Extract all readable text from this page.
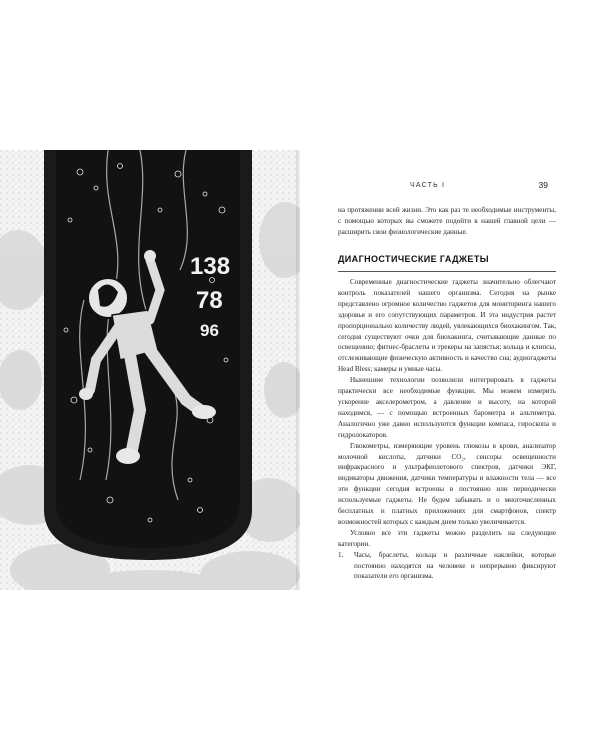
138
78
96
ЧАСТЬ I	39

на протяжении всей жизни. Это как раз те необходимые инструменты, с помощью которых вы сможете подойти к нашей главной цели — расширить свои физиологические данные.

ДИАГНОСТИЧЕСКИЕ ГАДЖЕТЫ

Современные диагностические гаджеты значительно облегчают контроль показателей нашего организма. Сегодня на рынке представлено огромное количество гаджетов для мониторинга нашего здоровья и его сопутствующих параметров. И эта индустрия растет пропорционально количеству людей, увлекающихся биохакингом. Так, сегодня существуют очки для биохакинга, считывающие данные по освещению; фитнес-браслеты и трекеры на запястья; кольца и клипсы, отслеживающие физическую активность и качество сна; аудиогаджеты Head Bless; камеры и умные часы.

Нынешние технологии позволили интегрировать в гаджеты практически все необходимые функции. Мы можем измерить ускорение акселерометром, а давление и высоту, на которой находимся, — с помощью встроенных барометра и альтиметра. Аналогично уже давно используются функции компаса, гироскопа и гидролокаторов.

Глюкометры, измеряющие уровень глюкозы в крови, анализатор молочной кислоты, датчики CO₂, сенсоры освещенности инфракрасного и ультрафиолетового спектров, датчики ЭКГ, индикаторы движения, датчики температуры и влажности тела — все эти функции сегодня встроены в постоянно или периодически используемые гаджеты. Не будем забывать и о многочисленных бесплатных и платных приложениях для смартфонов, спектр возможностей которых с каждым днем только увеличивается.

Условно все эти гаджеты можно разделить на следующие категории.

1. Часы, браслеты, кольца и различные наклейки, которые постоянно находятся на человеке и непрерывно фиксируют показатели его организма.
